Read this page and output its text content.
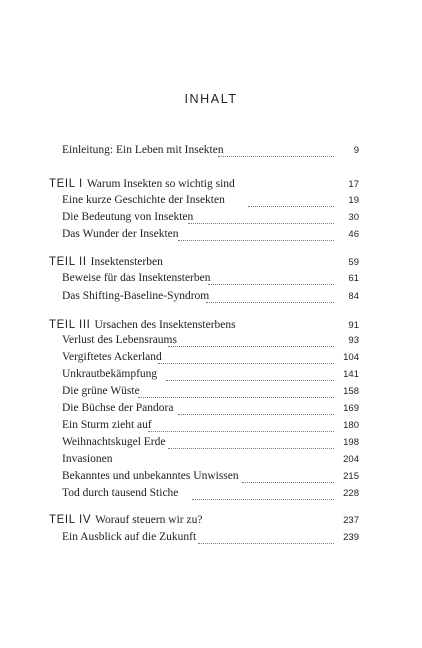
INHALT
Einleitung: Ein Leben mit Insekten	9
TEIL I Warum Insekten so wichtig sind	17
Eine kurze Geschichte der Insekten	19
Die Bedeutung von Insekten	30
Das Wunder der Insekten	46
TEIL II Insektensterben	59
Beweise für das Insektensterben	61
Das Shifting-Baseline-Syndrom	84
TEIL III Ursachen des Insektensterbens	91
Verlust des Lebensraums	93
Vergiftetes Ackerland	104
Unkrautbekämpfung	141
Die grüne Wüste	158
Die Büchse der Pandora	169
Ein Sturm zieht auf	180
Weihnachtskugel Erde	198
Invasionen	204
Bekanntes und unbekanntes Unwissen	215
Tod durch tausend Stiche	228
TEIL IV Worauf steuern wir zu?	237
Ein Ausblick auf die Zukunft	239
